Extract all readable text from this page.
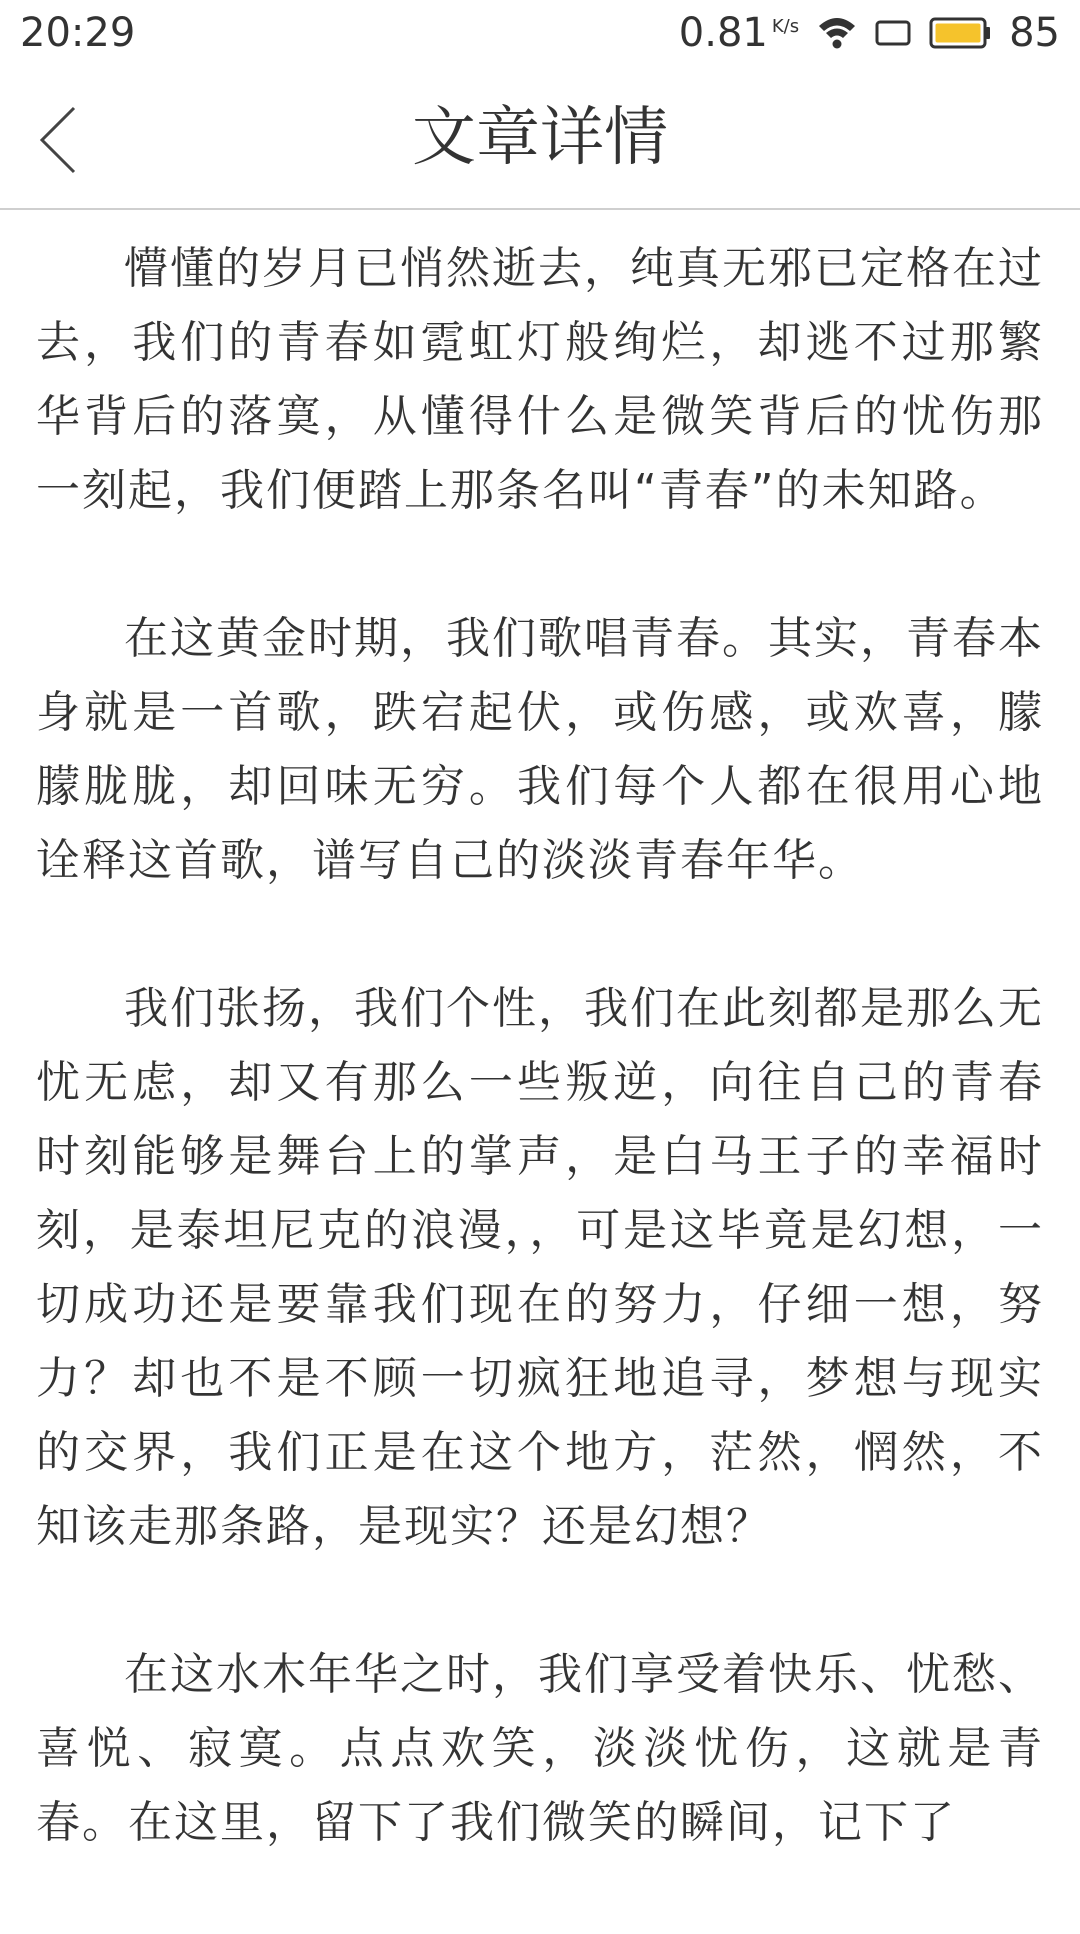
20:29	0.81 K/s	85
文章详情

懵懂的岁月已悄然逝去，纯真无邪已定格在过去，我们的青春如霓虹灯般绚烂，却逃不过那繁华背后的落寞，从懂得什么是微笑背后的忧伤那一刻起，我们便踏上那条名叫“青春”的未知路。

在这黄金时期，我们歌唱青春。其实，青春本身就是一首歌，跌宕起伏，或伤感，或欢喜，朦朦胧胧，却回味无穷。我们每个人都在很用心地诠释这首歌，谱写自己的淡淡青春年华。

我们张扬，我们个性，我们在此刻都是那么无忧无虑，却又有那么一些叛逆，向往自己的青春时刻能够是舞台上的掌声，是白马王子的幸福时刻，是泰坦尼克的浪漫，，可是这毕竟是幻想，一切成功还是要靠我们现在的努力，仔细一想，努力？却也不是不顾一切疯狂地追寻，梦想与现实的交界，我们正是在这个地方，茫然，惘然，不知该走那条路，是现实？还是幻想？

在这水木年华之时，我们享受着快乐、忧愁、喜悦、寂寞。点点欢笑，淡淡忧伤，这就是青春。在这里，留下了我们微笑的瞬间，记下了
